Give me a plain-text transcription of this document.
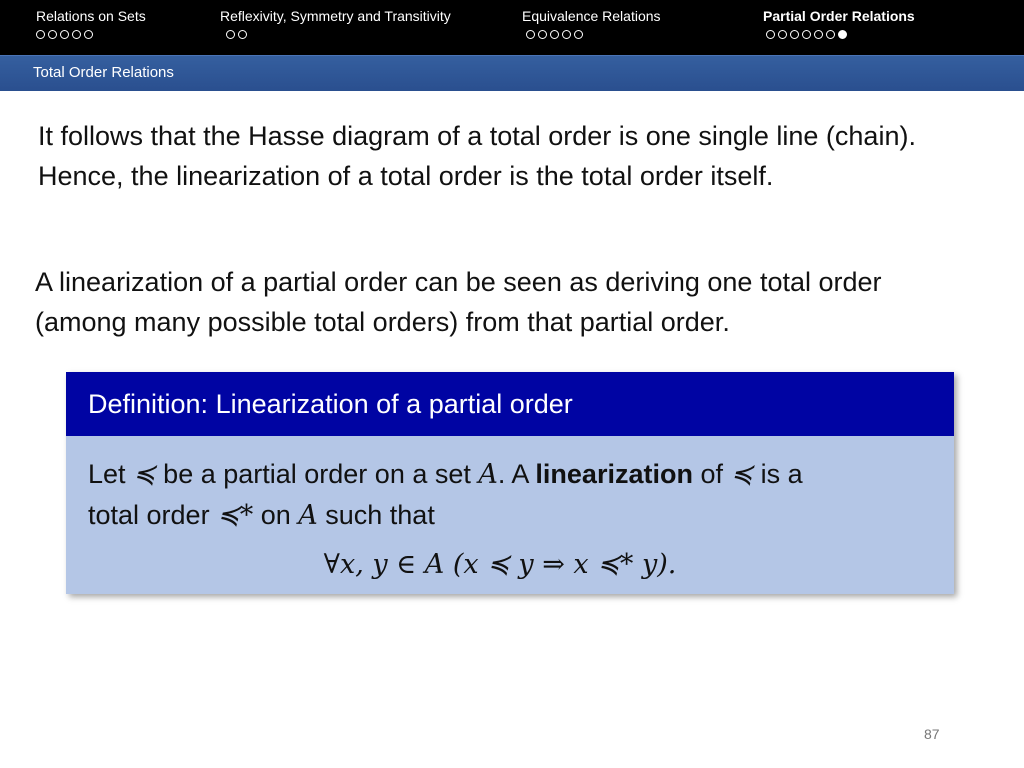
Relations on Sets	Reflexivity, Symmetry and Transitivity	Equivalence Relations	Partial Order Relations
Total Order Relations
It follows that the Hasse diagram of a total order is one single line (chain). Hence, the linearization of a total order is the total order itself.
A linearization of a partial order can be seen as deriving one total order (among many possible total orders) from that partial order.
Definition: Linearization of a partial order
Let ≼ be a partial order on a set A. A linearization of ≼ is a
total order ≼* on A such that
∀x, y ∈ A (x ≼ y ⇒ x ≼* y).
87
